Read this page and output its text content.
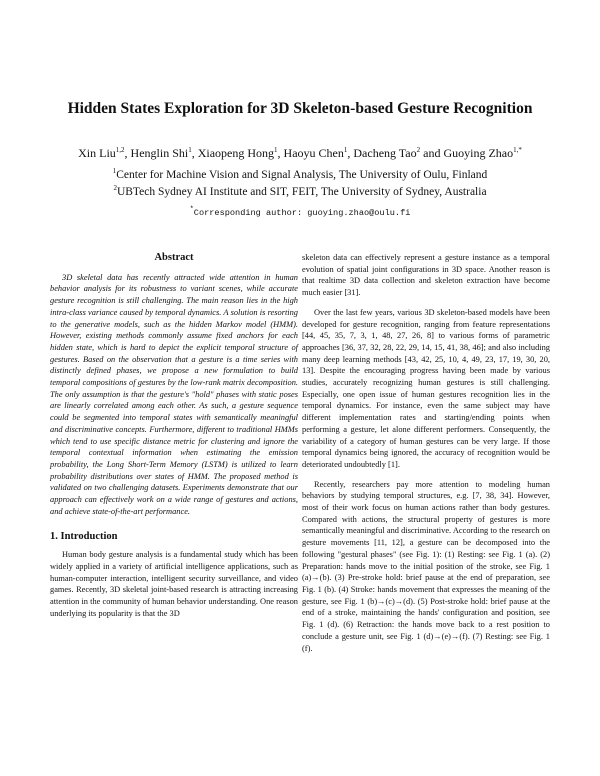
Hidden States Exploration for 3D Skeleton-based Gesture Recognition
Xin Liu$^{1,2}$, Henglin Shi$^1$, Xiaopeng Hong$^1$, Haoyu Chen$^1$, Dacheng Tao$^2$ and Guoying Zhao$^{1,*}$
$^1$Center for Machine Vision and Signal Analysis, The University of Oulu, Finland
$^2$UBTech Sydney AI Institute and SIT, FEIT, The University of Sydney, Australia
*Corresponding author: guoying.zhao@oulu.fi
Abstract

3D skeletal data has recently attracted wide attention in human behavior analysis for its robustness to variant scenes, while accurate gesture recognition is still challenging. The main reason lies in the high intra-class variance caused by temporal dynamics. A solution is resorting to the generative models, such as the hidden Markov model (HMM). However, existing methods commonly assume fixed anchors for each hidden state, which is hard to depict the explicit temporal structure of gestures. Based on the observation that a gesture is a time series with distinctly defined phases, we propose a new formulation to build temporal compositions of gestures by the low-rank matrix decomposition. The only assumption is that the gesture's "hold" phases with static poses are linearly correlated among each other. As such, a gesture sequence could be segmented into temporal states with semantically meaningful and discriminative concepts. Furthermore, different to traditional HMMs which tend to use specific distance metric for clustering and ignore the temporal contextual information when estimating the emission probability, the Long Short-Term Memory (LSTM) is utilized to learn probability distributions over states of HMM. The proposed method is validated on two challenging datasets. Experiments demonstrate that our approach can effectively work on a wide range of gestures and actions, and achieve state-of-the-art performance.

1. Introduction

Human body gesture analysis is a fundamental study which has been widely applied in a variety of artificial intelligence applications, such as human-computer interaction, intelligent security surveillance, and video games. Recently, 3D skeletal joint-based research is attracting increasing attention in the community of human behavior understanding. One reason underlying its popularity is that the 3D

skeleton data can effectively represent a gesture instance as a temporal evolution of spatial joint configurations in 3D space. Another reason is that realtime 3D data collection and skeleton extraction have become much easier [31].

Over the last few years, various 3D skeleton-based models have been developed for gesture recognition, ranging from feature representations [44, 45, 35, 7, 3, 1, 48, 27, 26, 8] to various forms of parametric approaches [36, 37, 32, 28, 22, 29, 14, 15, 41, 38, 46]; and also including many deep learning methods [43, 42, 25, 10, 4, 49, 23, 17, 19, 30, 20, 13]. Despite the encouraging progress having been made by various studies, accurately recognizing human gestures is still challenging. Especially, one open issue of human gestures recognition lies in the temporal dynamics. For instance, even the same subject may have different implementation rates and starting/ending points when performing a gesture, let alone different performers. Consequently, the variability of a category of human gestures can be very large. If those temporal dynamics being ignored, the accuracy of recognition would be deteriorated undoubtedly [1].

Recently, researchers pay more attention to modeling human behaviors by studying temporal structures, e.g. [7, 38, 34]. However, most of their work focus on human actions rather than body gestures. Compared with actions, the structural property of gestures is more semantically meaningful and discriminative. According to the research on gesture movements [11, 12], a gesture can be decomposed into the following "gestural phases" (see Fig. 1): (1) Resting: see Fig. 1 (a). (2) Preparation: hands move to the initial position of the stroke, see Fig. 1 (a)→(b). (3) Pre-stroke hold: brief pause at the end of preparation, see Fig. 1 (b). (4) Stroke: hands movement that expresses the meaning of the gesture, see Fig. 1 (b)→(c)→(d). (5) Post-stroke hold: brief pause at the end of a stroke, maintaining the hands' configuration and position, see Fig. 1 (d). (6) Retraction: the hands move back to a rest position to conclude a gesture unit, see Fig. 1 (d)→(e)→(f). (7) Resting: see Fig. 1 (f).
